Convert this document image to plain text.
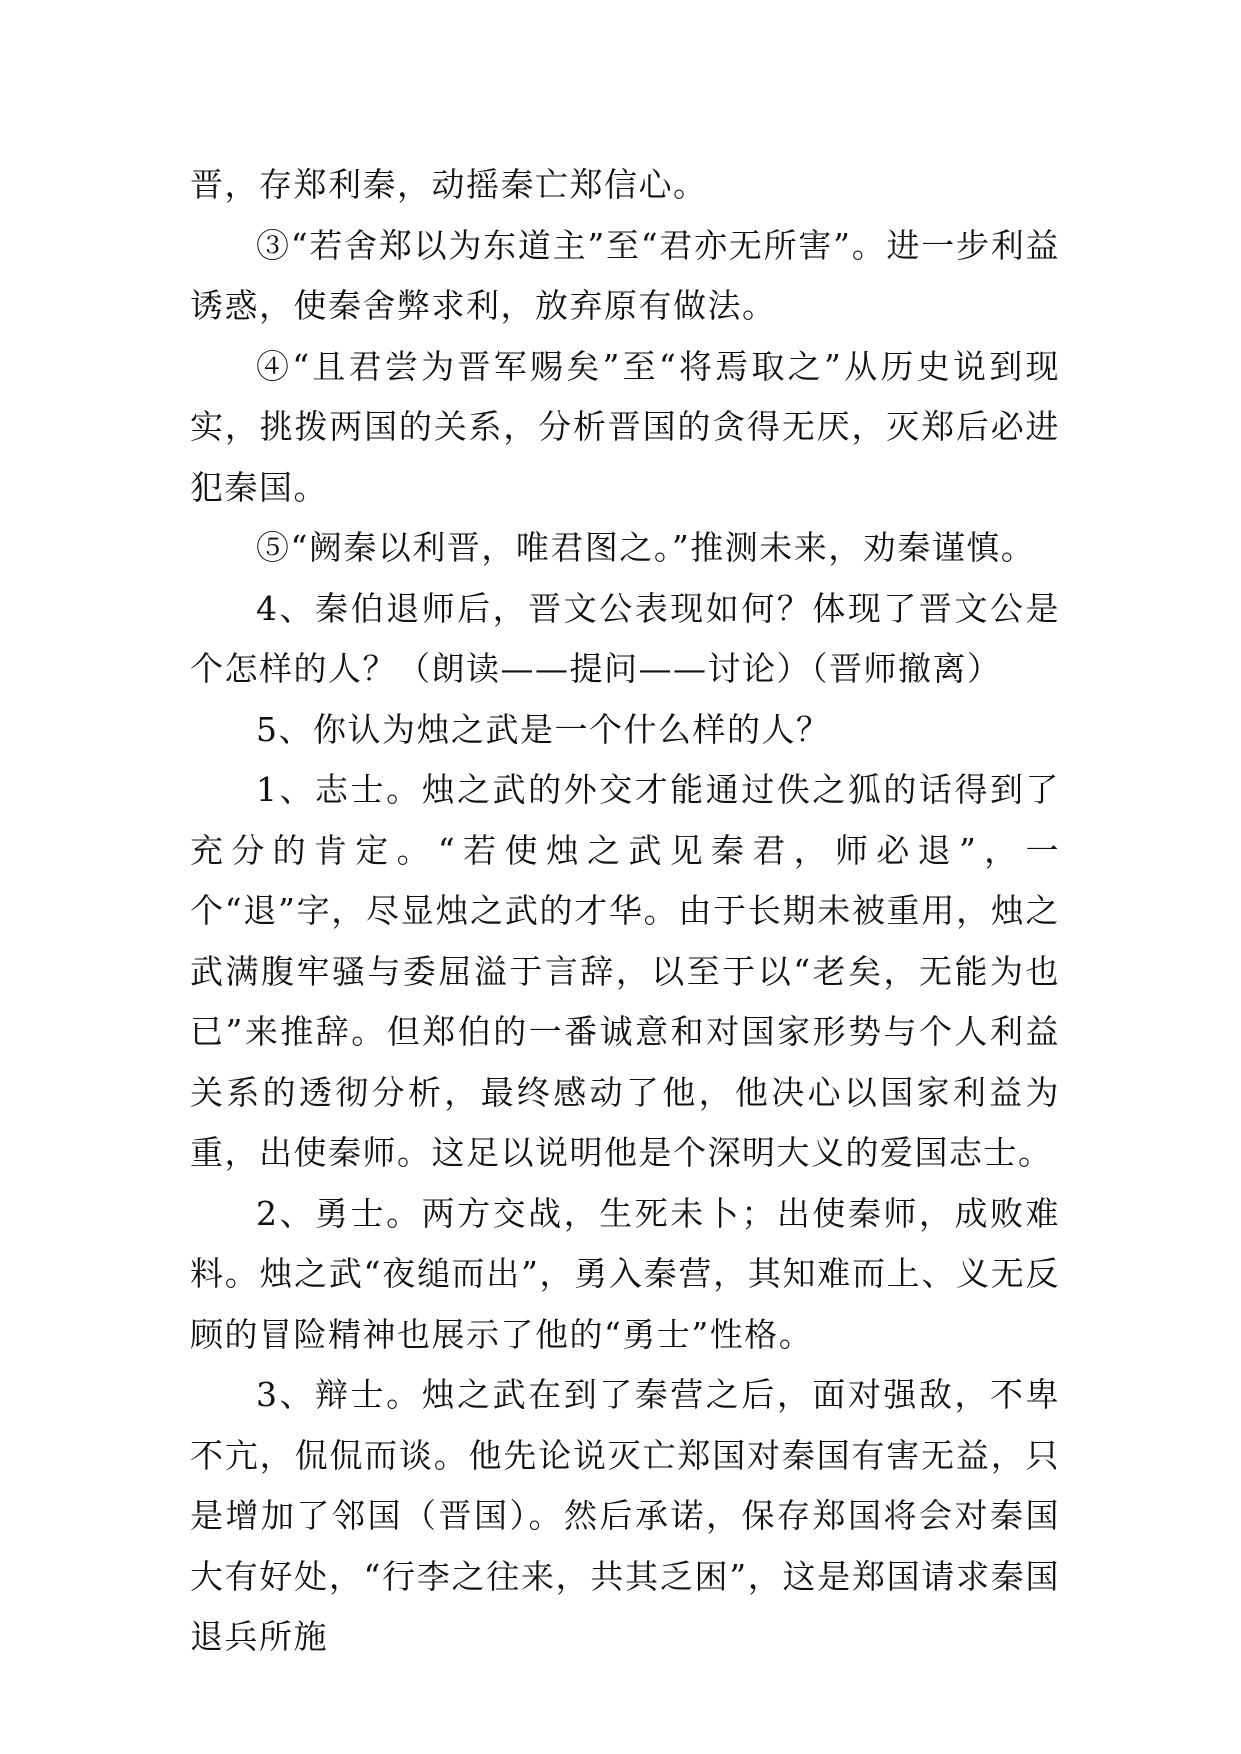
晋，存郑利秦，动摇秦亡郑信心。

③“若舍郑以为东道主”至“君亦无所害”。进一步利益诱惑，使秦舍弊求利，放弃原有做法。

④“且君尝为晋军赐矣”至“将焉取之”从历史说到现实，挑拨两国的关系，分析晋国的贪得无厌，灭郑后必进犯秦国。

⑤“阙秦以利晋，唯君图之。”推测未来，劝秦谨慎。

4、秦伯退师后，晋文公表现如何？体现了晋文公是个怎样的人？（朗读——提问——讨论）（晋师撤离）

5、你认为烛之武是一个什么样的人？

1、志士。烛之武的外交才能通过佚之狐的话得到了充分的肯定。“若使烛之武见秦君，师必退”，一个“退”字，尽显烛之武的才华。由于长期未被重用，烛之武满腹牢骚与委屈溢于言辞，以至于以“老矣，无能为也已”来推辞。但郑伯的一番诚意和对国家形势与个人利益关系的透彻分析，最终感动了他，他决心以国家利益为重，出使秦师。这足以说明他是个深明大义的爱国志士。

2、勇士。两方交战，生死未卜；出使秦师，成败难料。烛之武“夜缒而出”，勇入秦营，其知难而上、义无反顾的冒险精神也展示了他的“勇士”性格。

3、辩士。烛之武在到了秦营之后，面对强敌，不卑不亢，侃侃而谈。他先论说灭亡郑国对秦国有害无益，只是增加了邻国（晋国）。然后承诺，保存郑国将会对秦国大有好处，“行李之往来，共其乏困”，这是郑国请求秦国退兵所施
